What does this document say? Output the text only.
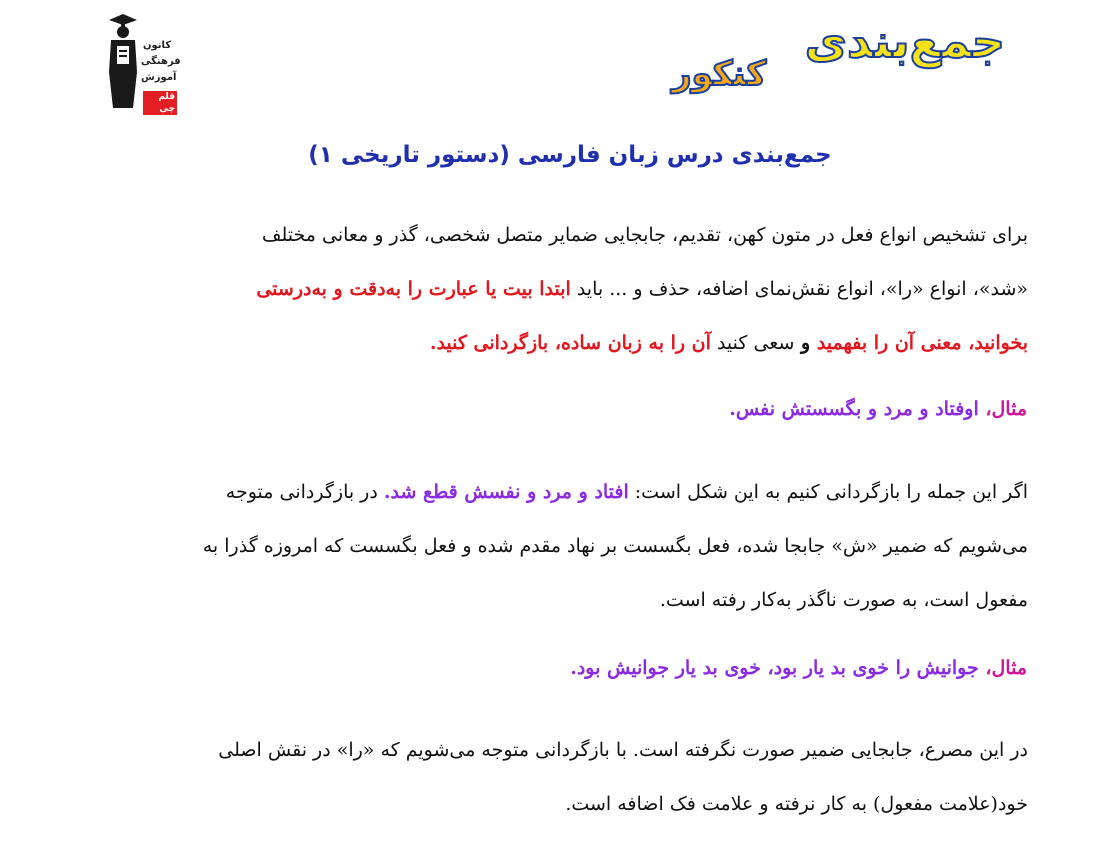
کانون
فرهنگی
آموزش
قلم چی
جمع‌بندی
کنکور
جمع‌بندی درس زبان فارسی (دستور تاریخی ۱)
برای تشخیص انواع فعل در متون کهن، تقدیم، جابجایی ضمایر متصل شخصی، گذر و معانی مختلف
«شد»، انواع «را»، انواع نقش‌نمای اضافه، حذف و ... باید ابتدا بیت یا عبارت را به‌دقت و به‌درستی
بخوانید، معنی آن را بفهمید و سعی کنید آن را به زبان ساده، بازگردانی کنید.
مثال، اوفتاد و مرد و بگسستش نفس.
اگر این جمله را بازگردانی کنیم به این شکل است: افتاد و مرد و نفسش قطع شد. در بازگردانی متوجه
می‌شویم که ضمیر «ش» جابجا شده، فعل بگسست بر نهاد مقدم شده و فعل بگسست که امروزه گذرا به
مفعول است، به صورت ناگذر به‌کار رفته است.
مثال، جوانیش را خوی بد یار بود، خوی بد یار جوانیش بود.
در این مصرع، جابجایی ضمیر صورت نگرفته است. با بازگردانی متوجه می‌شویم که «را» در نقش اصلی
خود(علامت مفعول) به کار نرفته و علامت فک اضافه است.
